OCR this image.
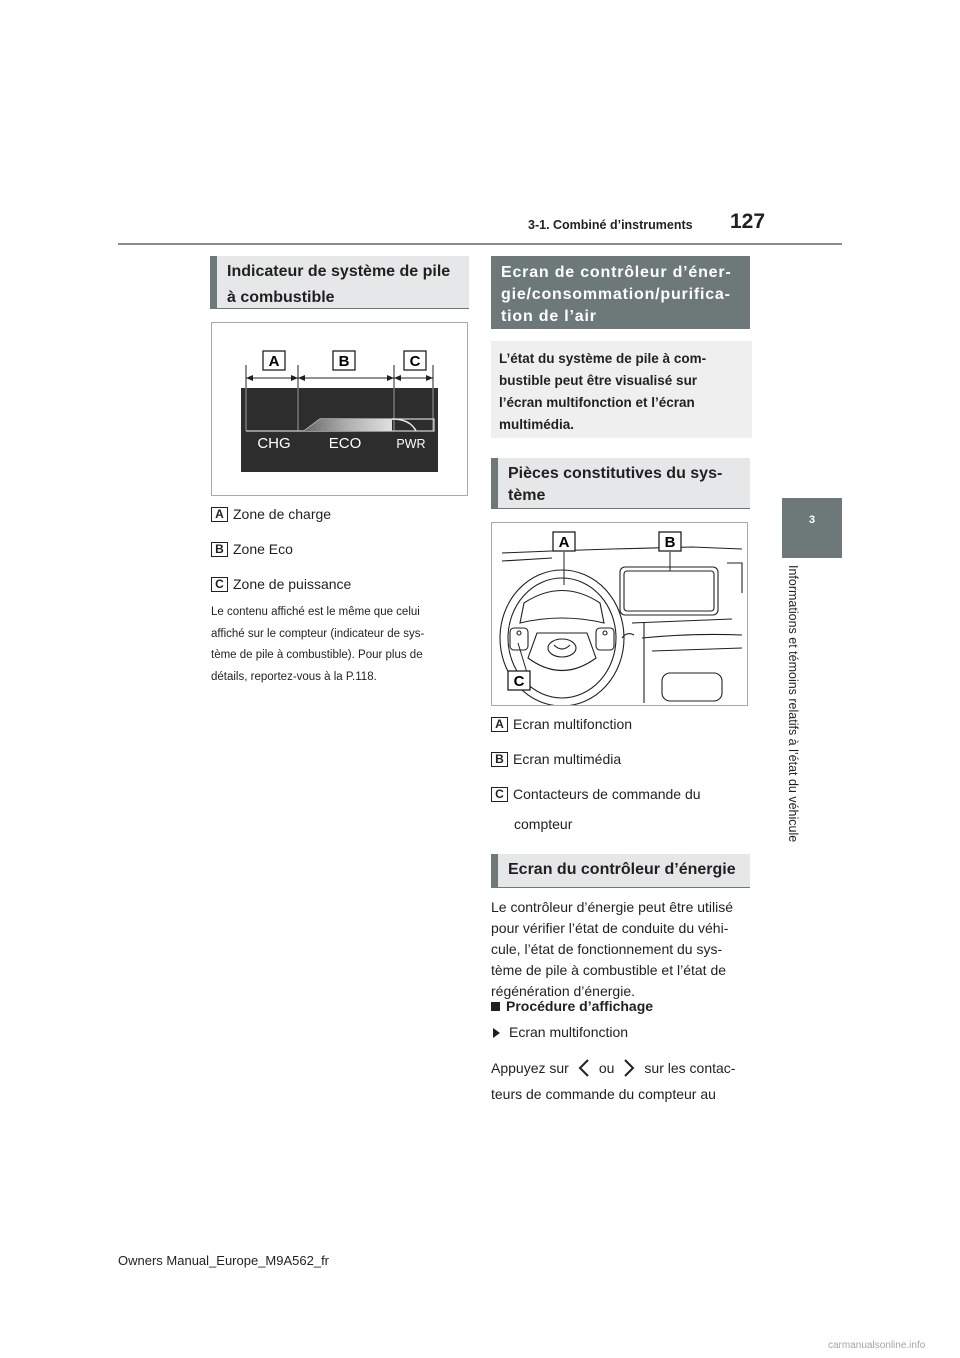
3-1. Combiné d’instruments 127
3
Informations et témoins relatifs à l’état du véhicule
Indicateur de système de pile à combustible
A	B	C
CHG	ECO	PWR
A Zone de charge
B Zone Eco
C Zone de puissance
Le contenu affiché est le même que celui
affiché sur le compteur (indicateur de sys-
tème de pile à combustible). Pour plus de
détails, reportez-vous à la P.118.
Ecran de contrôleur d’éner-
gie/consommation/purifica-
tion de l’air
L’état du système de pile à com-
bustible peut être visualisé sur
l’écran multifonction et l’écran
multimédia.
Pièces constitutives du sys-
tème
A	B
C
A Ecran multifonction
B Ecran multimédia
C Contacteurs de commande du
compteur
Ecran du contrôleur d’énergie
Le contrôleur d’énergie peut être utilisé
pour vérifier l’état de conduite du véhi-
cule, l’état de fonctionnement du sys-
tème de pile à combustible et l’état de
régénération d’énergie.
Procédure d’affichage
Ecran multifonction
Appuyez sur ou sur les contac-
teurs de commande du compteur au
Owners Manual_Europe_M9A562_fr
carmanualsonline.info
